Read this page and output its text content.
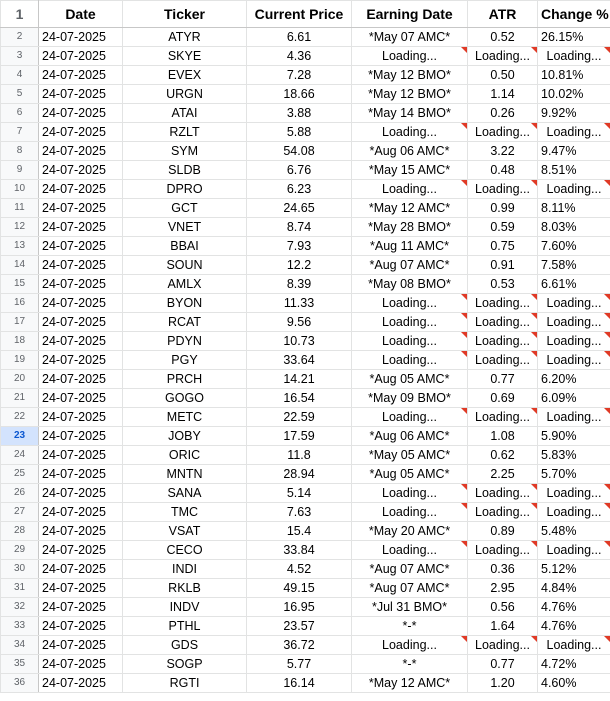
1	Date	Ticker	Current Price	Earning Date	ATR	Change %
2	24-07-2025	ATYR	6.61	*May 07 AMC*	0.52	26.15%
3	24-07-2025	SKYE	4.36	Loading...	Loading...	Loading...
4	24-07-2025	EVEX	7.28	*May 12 BMO*	0.50	10.81%
5	24-07-2025	URGN	18.66	*May 12 BMO*	1.14	10.02%
6	24-07-2025	ATAI	3.88	*May 14 BMO*	0.26	9.92%
7	24-07-2025	RZLT	5.88	Loading...	Loading...	Loading...
8	24-07-2025	SYM	54.08	*Aug 06 AMC*	3.22	9.47%
9	24-07-2025	SLDB	6.76	*May 15 AMC*	0.48	8.51%
10	24-07-2025	DPRO	6.23	Loading...	Loading...	Loading...
11	24-07-2025	GCT	24.65	*May 12 AMC*	0.99	8.11%
12	24-07-2025	VNET	8.74	*May 28 BMO*	0.59	8.03%
13	24-07-2025	BBAI	7.93	*Aug 11 AMC*	0.75	7.60%
14	24-07-2025	SOUN	12.2	*Aug 07 AMC*	0.91	7.58%
15	24-07-2025	AMLX	8.39	*May 08 BMO*	0.53	6.61%
16	24-07-2025	BYON	11.33	Loading...	Loading...	Loading...
17	24-07-2025	RCAT	9.56	Loading...	Loading...	Loading...
18	24-07-2025	PDYN	10.73	Loading...	Loading...	Loading...
19	24-07-2025	PGY	33.64	Loading...	Loading...	Loading...
20	24-07-2025	PRCH	14.21	*Aug 05 AMC*	0.77	6.20%
21	24-07-2025	GOGO	16.54	*May 09 BMO*	0.69	6.09%
22	24-07-2025	METC	22.59	Loading...	Loading...	Loading...
23	24-07-2025	JOBY	17.59	*Aug 06 AMC*	1.08	5.90%
24	24-07-2025	ORIC	11.8	*May 05 AMC*	0.62	5.83%
25	24-07-2025	MNTN	28.94	*Aug 05 AMC*	2.25	5.70%
26	24-07-2025	SANA	5.14	Loading...	Loading...	Loading...
27	24-07-2025	TMC	7.63	Loading...	Loading...	Loading...
28	24-07-2025	VSAT	15.4	*May 20 AMC*	0.89	5.48%
29	24-07-2025	CECO	33.84	Loading...	Loading...	Loading...
30	24-07-2025	INDI	4.52	*Aug 07 AMC*	0.36	5.12%
31	24-07-2025	RKLB	49.15	*Aug 07 AMC*	2.95	4.84%
32	24-07-2025	INDV	16.95	*Jul 31 BMO*	0.56	4.76%
33	24-07-2025	PTHL	23.57	*-*	1.64	4.76%
34	24-07-2025	GDS	36.72	Loading...	Loading...	Loading...
35	24-07-2025	SOGP	5.77	*-*	0.77	4.72%
36	24-07-2025	RGTI	16.14	*May 12 AMC*	1.20	4.60%
